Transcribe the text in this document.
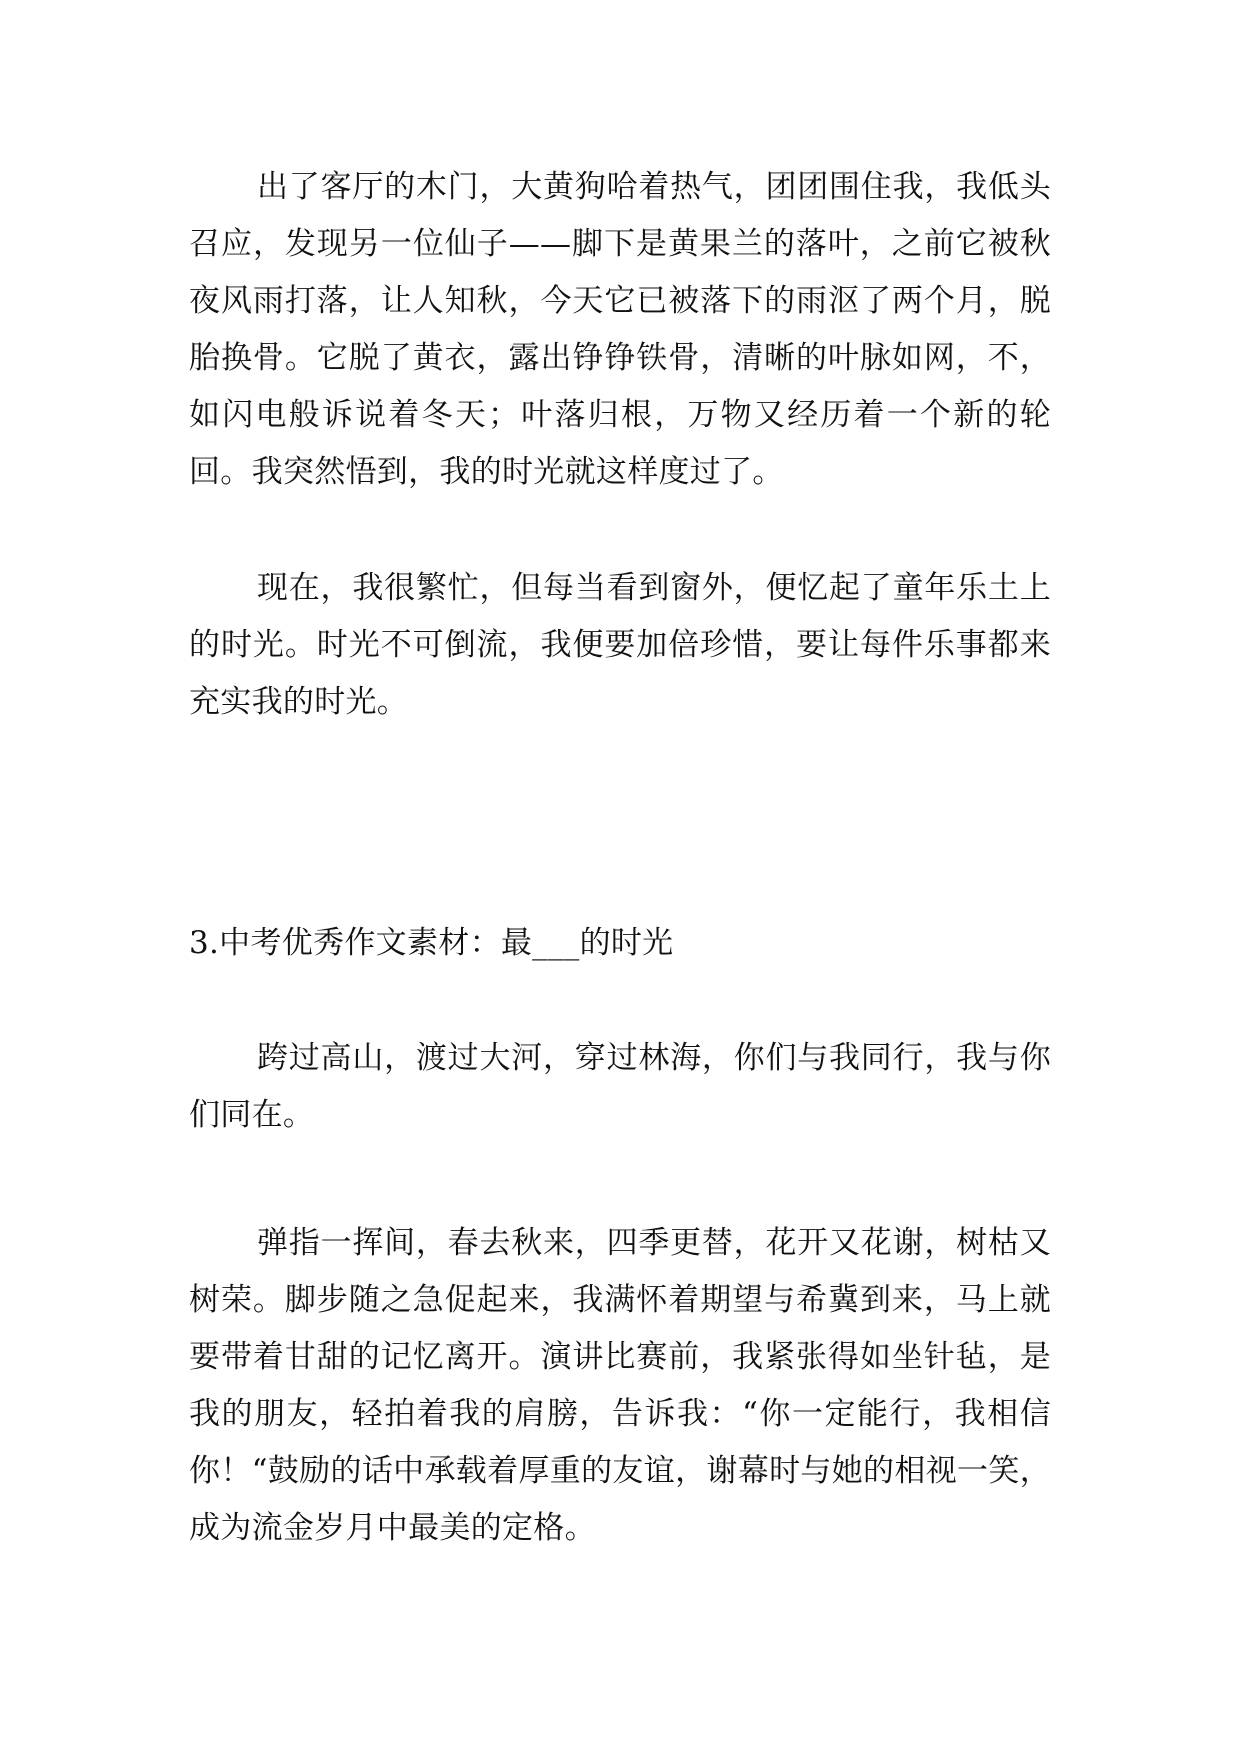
出了客厅的木门，大黄狗哈着热气，团团围住我，我低头召应，发现另一位仙子——脚下是黄果兰的落叶，之前它被秋夜风雨打落，让人知秋，今天它已被落下的雨沤了两个月，脱胎换骨。它脱了黄衣，露出铮铮铁骨，清晰的叶脉如网，不，如闪电般诉说着冬天；叶落归根，万物又经历着一个新的轮回。我突然悟到，我的时光就这样度过了。

现在，我很繁忙，但每当看到窗外，便忆起了童年乐土上的时光。时光不可倒流，我便要加倍珍惜，要让每件乐事都来充实我的时光。

3.中考优秀作文素材：最___的时光

跨过高山，渡过大河，穿过林海，你们与我同行，我与你们同在。

弹指一挥间，春去秋来，四季更替，花开又花谢，树枯又树荣。脚步随之急促起来，我满怀着期望与希冀到来，马上就要带着甘甜的记忆离开。演讲比赛前，我紧张得如坐针毡，是我的朋友，轻拍着我的肩膀，告诉我：“你一定能行，我相信你！“鼓励的话中承载着厚重的友谊，谢幕时与她的相视一笑，成为流金岁月中最美的定格。
